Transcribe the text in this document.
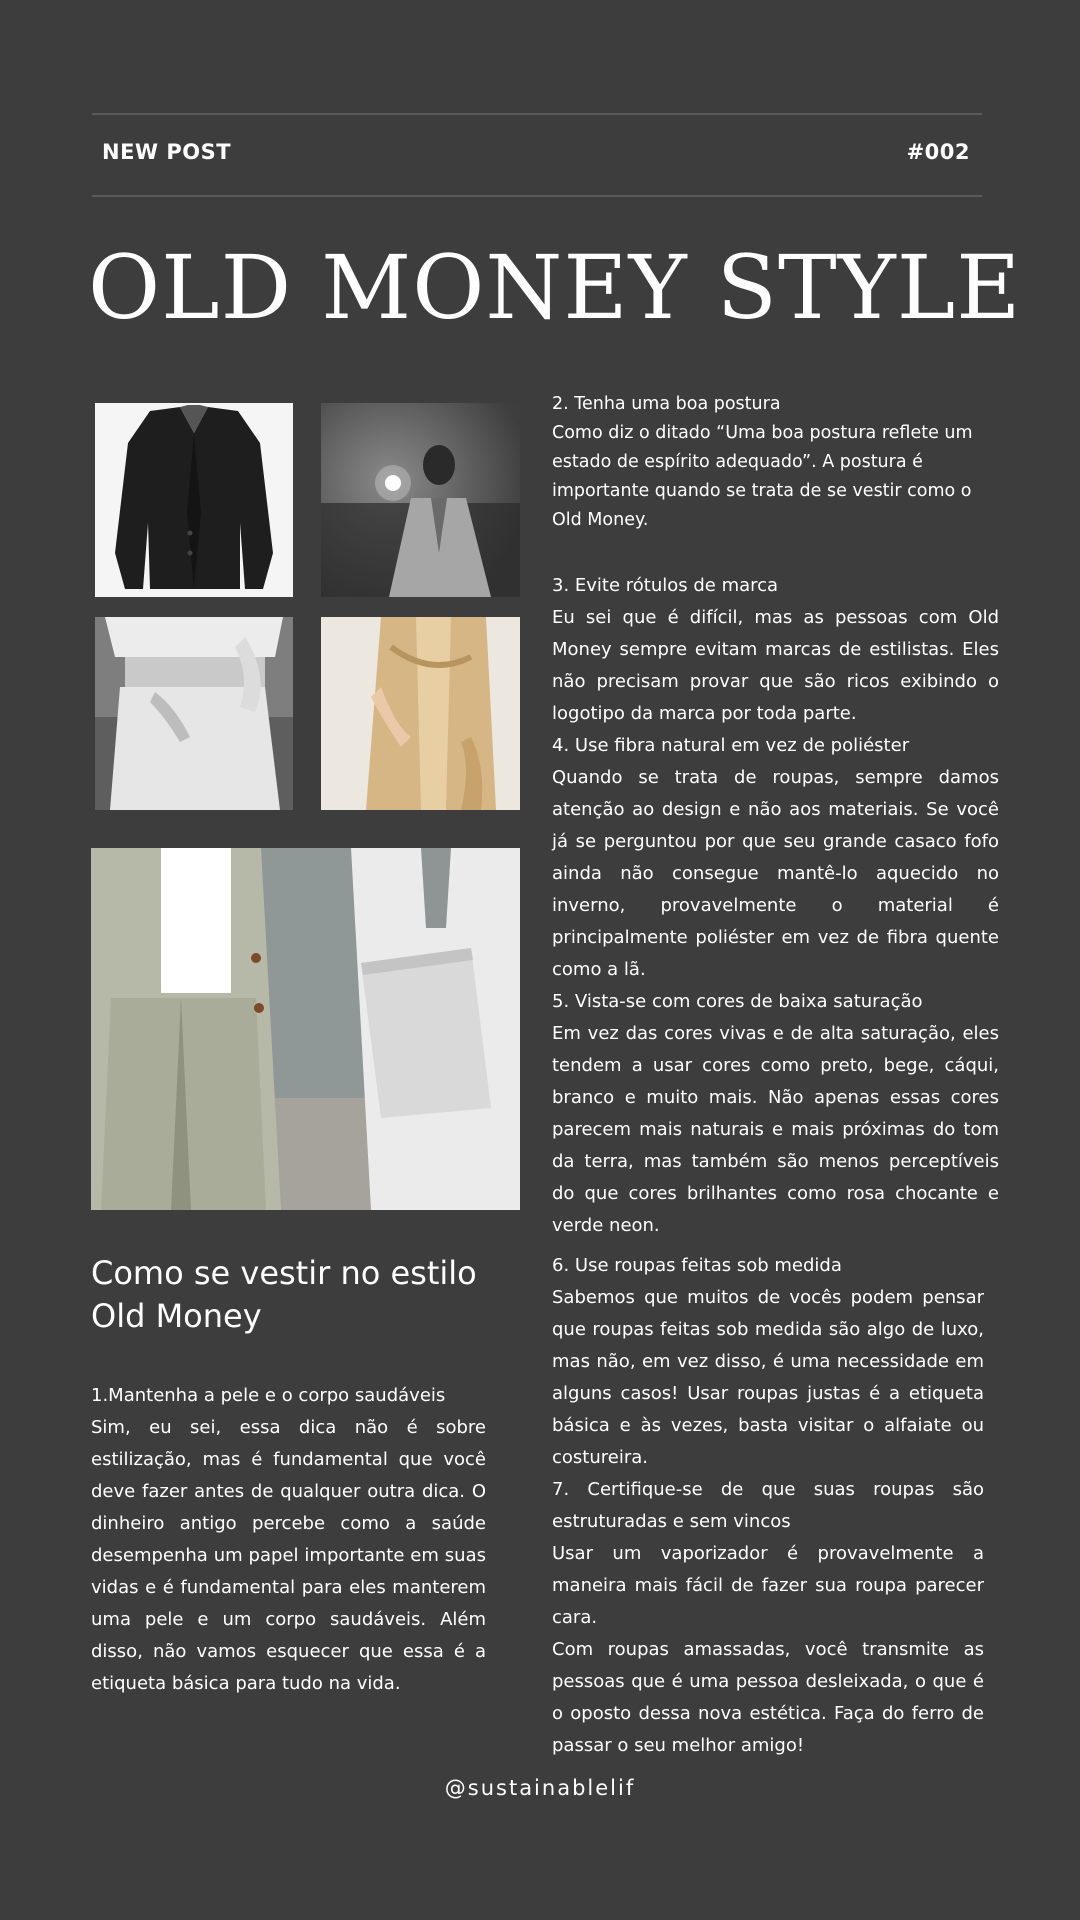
NEW POST	#002
OLD MONEY STYLE
Como se vestir no estilo Old Money

1.Mantenha a pele e o corpo saudáveis

Sim, eu sei, essa dica não é sobre estilização, mas é fundamental que você deve fazer antes de qualquer outra dica. O dinheiro antigo percebe como a saúde desempenha um papel importante em suas vidas e é fundamental para eles manterem uma pele e um corpo saudáveis. Além disso, não vamos esquecer que essa é a etiqueta básica para tudo na vida.

2. Tenha uma boa postura

Como diz o ditado “Uma boa postura reflete um estado de espírito adequado”. A postura é importante quando se trata de se vestir como o Old Money.

3. Evite rótulos de marca

Eu sei que é difícil, mas as pessoas com Old Money sempre evitam marcas de estilistas. Eles não precisam provar que são ricos exibindo o logotipo da marca por toda parte.

4. Use fibra natural em vez de poliéster

Quando se trata de roupas, sempre damos atenção ao design e não aos materiais. Se você já se perguntou por que seu grande casaco fofo ainda não consegue mantê-lo aquecido no inverno, provavelmente o material é principalmente poliéster em vez de fibra quente como a lã.

5. Vista-se com cores de baixa saturação

Em vez das cores vivas e de alta saturação, eles tendem a usar cores como preto, bege, cáqui, branco e muito mais. Não apenas essas cores parecem mais naturais e mais próximas do tom da terra, mas também são menos perceptíveis do que cores brilhantes como rosa chocante e verde neon.

6. Use roupas feitas sob medida

Sabemos que muitos de vocês podem pensar que roupas feitas sob medida são algo de luxo, mas não, em vez disso, é uma necessidade em alguns casos! Usar roupas justas é a etiqueta básica e às vezes, basta visitar o alfaiate ou costureira.

7. Certifique-se de que suas roupas são estruturadas e sem vincos

Usar um vaporizador é provavelmente a maneira mais fácil de fazer sua roupa parecer cara.

Com roupas amassadas, você transmite as pessoas que é uma pessoa desleixada, o que é o oposto dessa nova estética. Faça do ferro de passar o seu melhor amigo!

@sustainablelif
